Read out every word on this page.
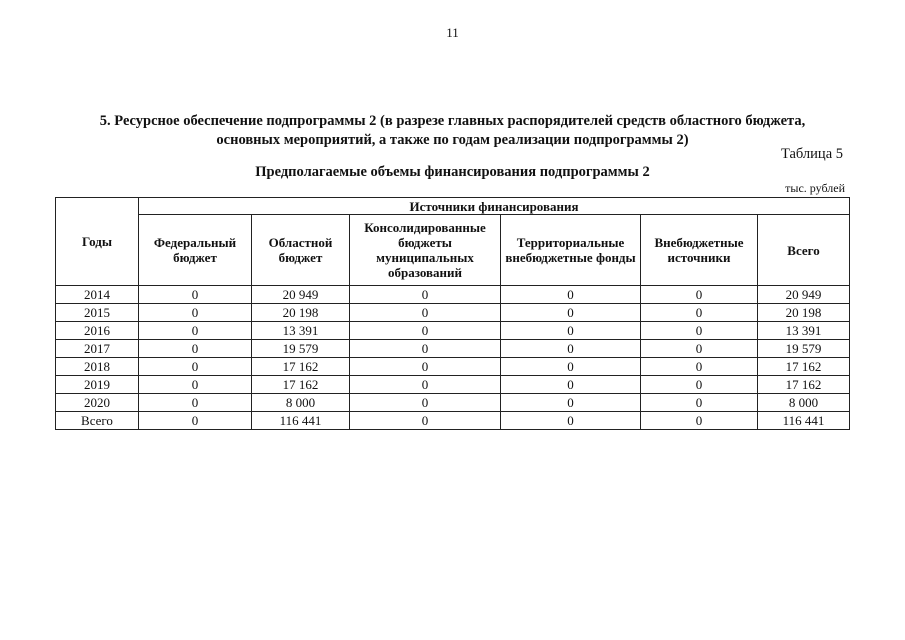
11
5. Ресурсное обеспечение подпрограммы 2 (в разрезе главных распорядителей средств областного бюджета,
основных мероприятий, а также по годам реализации подпрограммы 2)
Таблица 5
Предполагаемые объемы финансирования подпрограммы 2
тыс. рублей
Годы	Источники финансирования					
	Федеральный бюджет	Областной бюджет	Консолидированные бюджеты муниципальных образований	Территориальные внебюджетные фонды	Внебюджетные источники	Всего
2014	0	20 949	0	0	0	20 949
2015	0	20 198	0	0	0	20 198
2016	0	13 391	0	0	0	13 391
2017	0	19 579	0	0	0	19 579
2018	0	17 162	0	0	0	17 162
2019	0	17 162	0	0	0	17 162
2020	0	8 000	0	0	0	8 000
Всего	0	116 441	0	0	0	116 441
